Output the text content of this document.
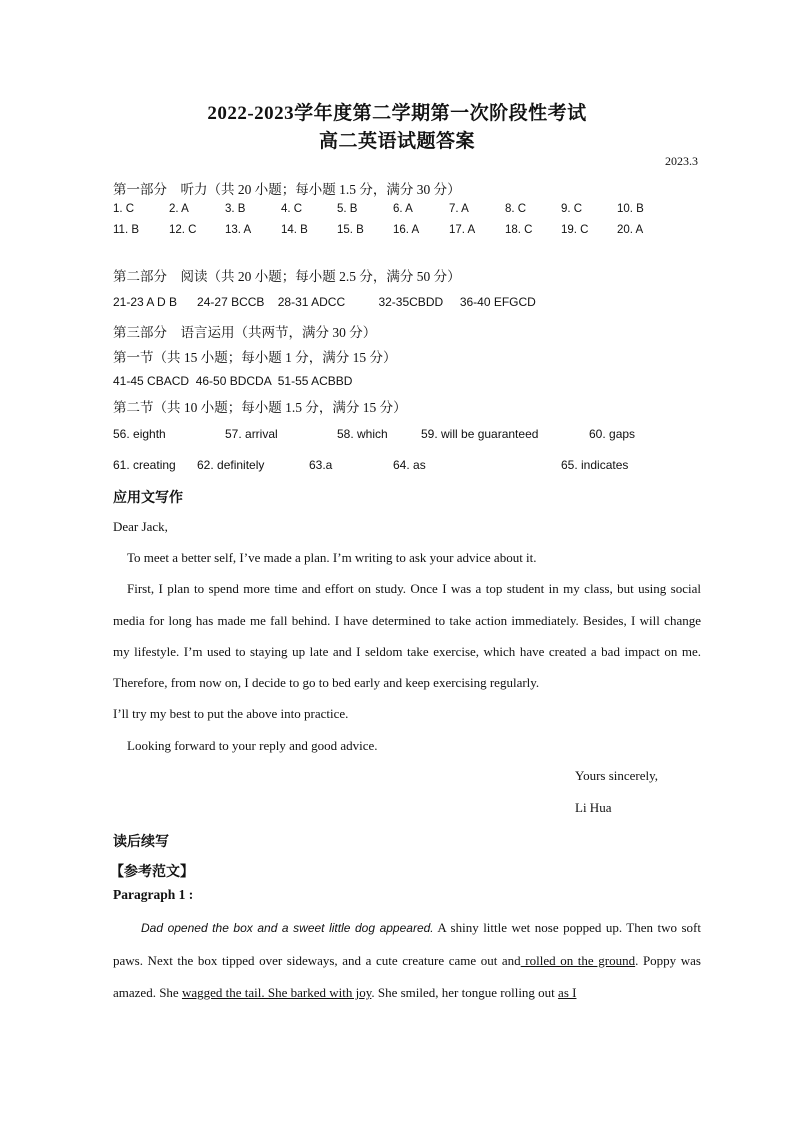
2022-2023学年度第二学期第一次阶段性考试
高二英语试题答案
2023.3
第一部分　听力（共 20 小题；每小题 1.5 分，满分 30 分）
1. C	2. A	3. B	4. C	5. B	6. A	7. A	8. C	9. C	10. B
11. B	12. C 13. A	14. B	15. B	16. A	17. A	18. C 19. C 20. A
第二部分　阅读（共 20 小题；每小题 2.5 分，满分 50 分）
21-23 A D B      24-27 BCCB    28-31 ADCC          32-35CBDD     36-40 EFGCD
第三部分　语言运用（共两节，满分 30 分）
第一节（共 15 小题；每小题 1 分，满分 15 分）
41-45 CBACD  46-50 BDCDA  51-55 ACBBD
第二节（共 10 小题；每小题 1.5 分，满分 15 分）
56. eighth	57. arrival	58. which	59. will be guaranteed	60. gaps
61. creating 62. definitely	63.a	64. as	65. indicates
应用文写作
Dear Jack,
To meet a better self, I’ve made a plan. I’m writing to ask your advice about it.
First, I plan to spend more time and effort on study. Once I was a top student in my class, but using social media for long has made me fall behind. I have determined to take action immediately. Besides, I will change my lifestyle. I’m used to staying up late and I seldom take exercise, which have created a bad impact on me. Therefore, from now on, I decide to go to bed early and keep exercising regularly.
I’ll try my best to put the above into practice.
Looking forward to your reply and good advice.
Yours sincerely,
Li Hua
读后续写
【参考范文】
Paragraph 1 :
Dad opened the box and a sweet little dog appeared. A shiny little wet nose popped up. Then two soft paws. Next the box tipped over sideways, and a cute creature came out and rolled on the ground. Poppy was amazed. She wagged the tail. She barked with joy. She smiled, her tongue rolling out as I
